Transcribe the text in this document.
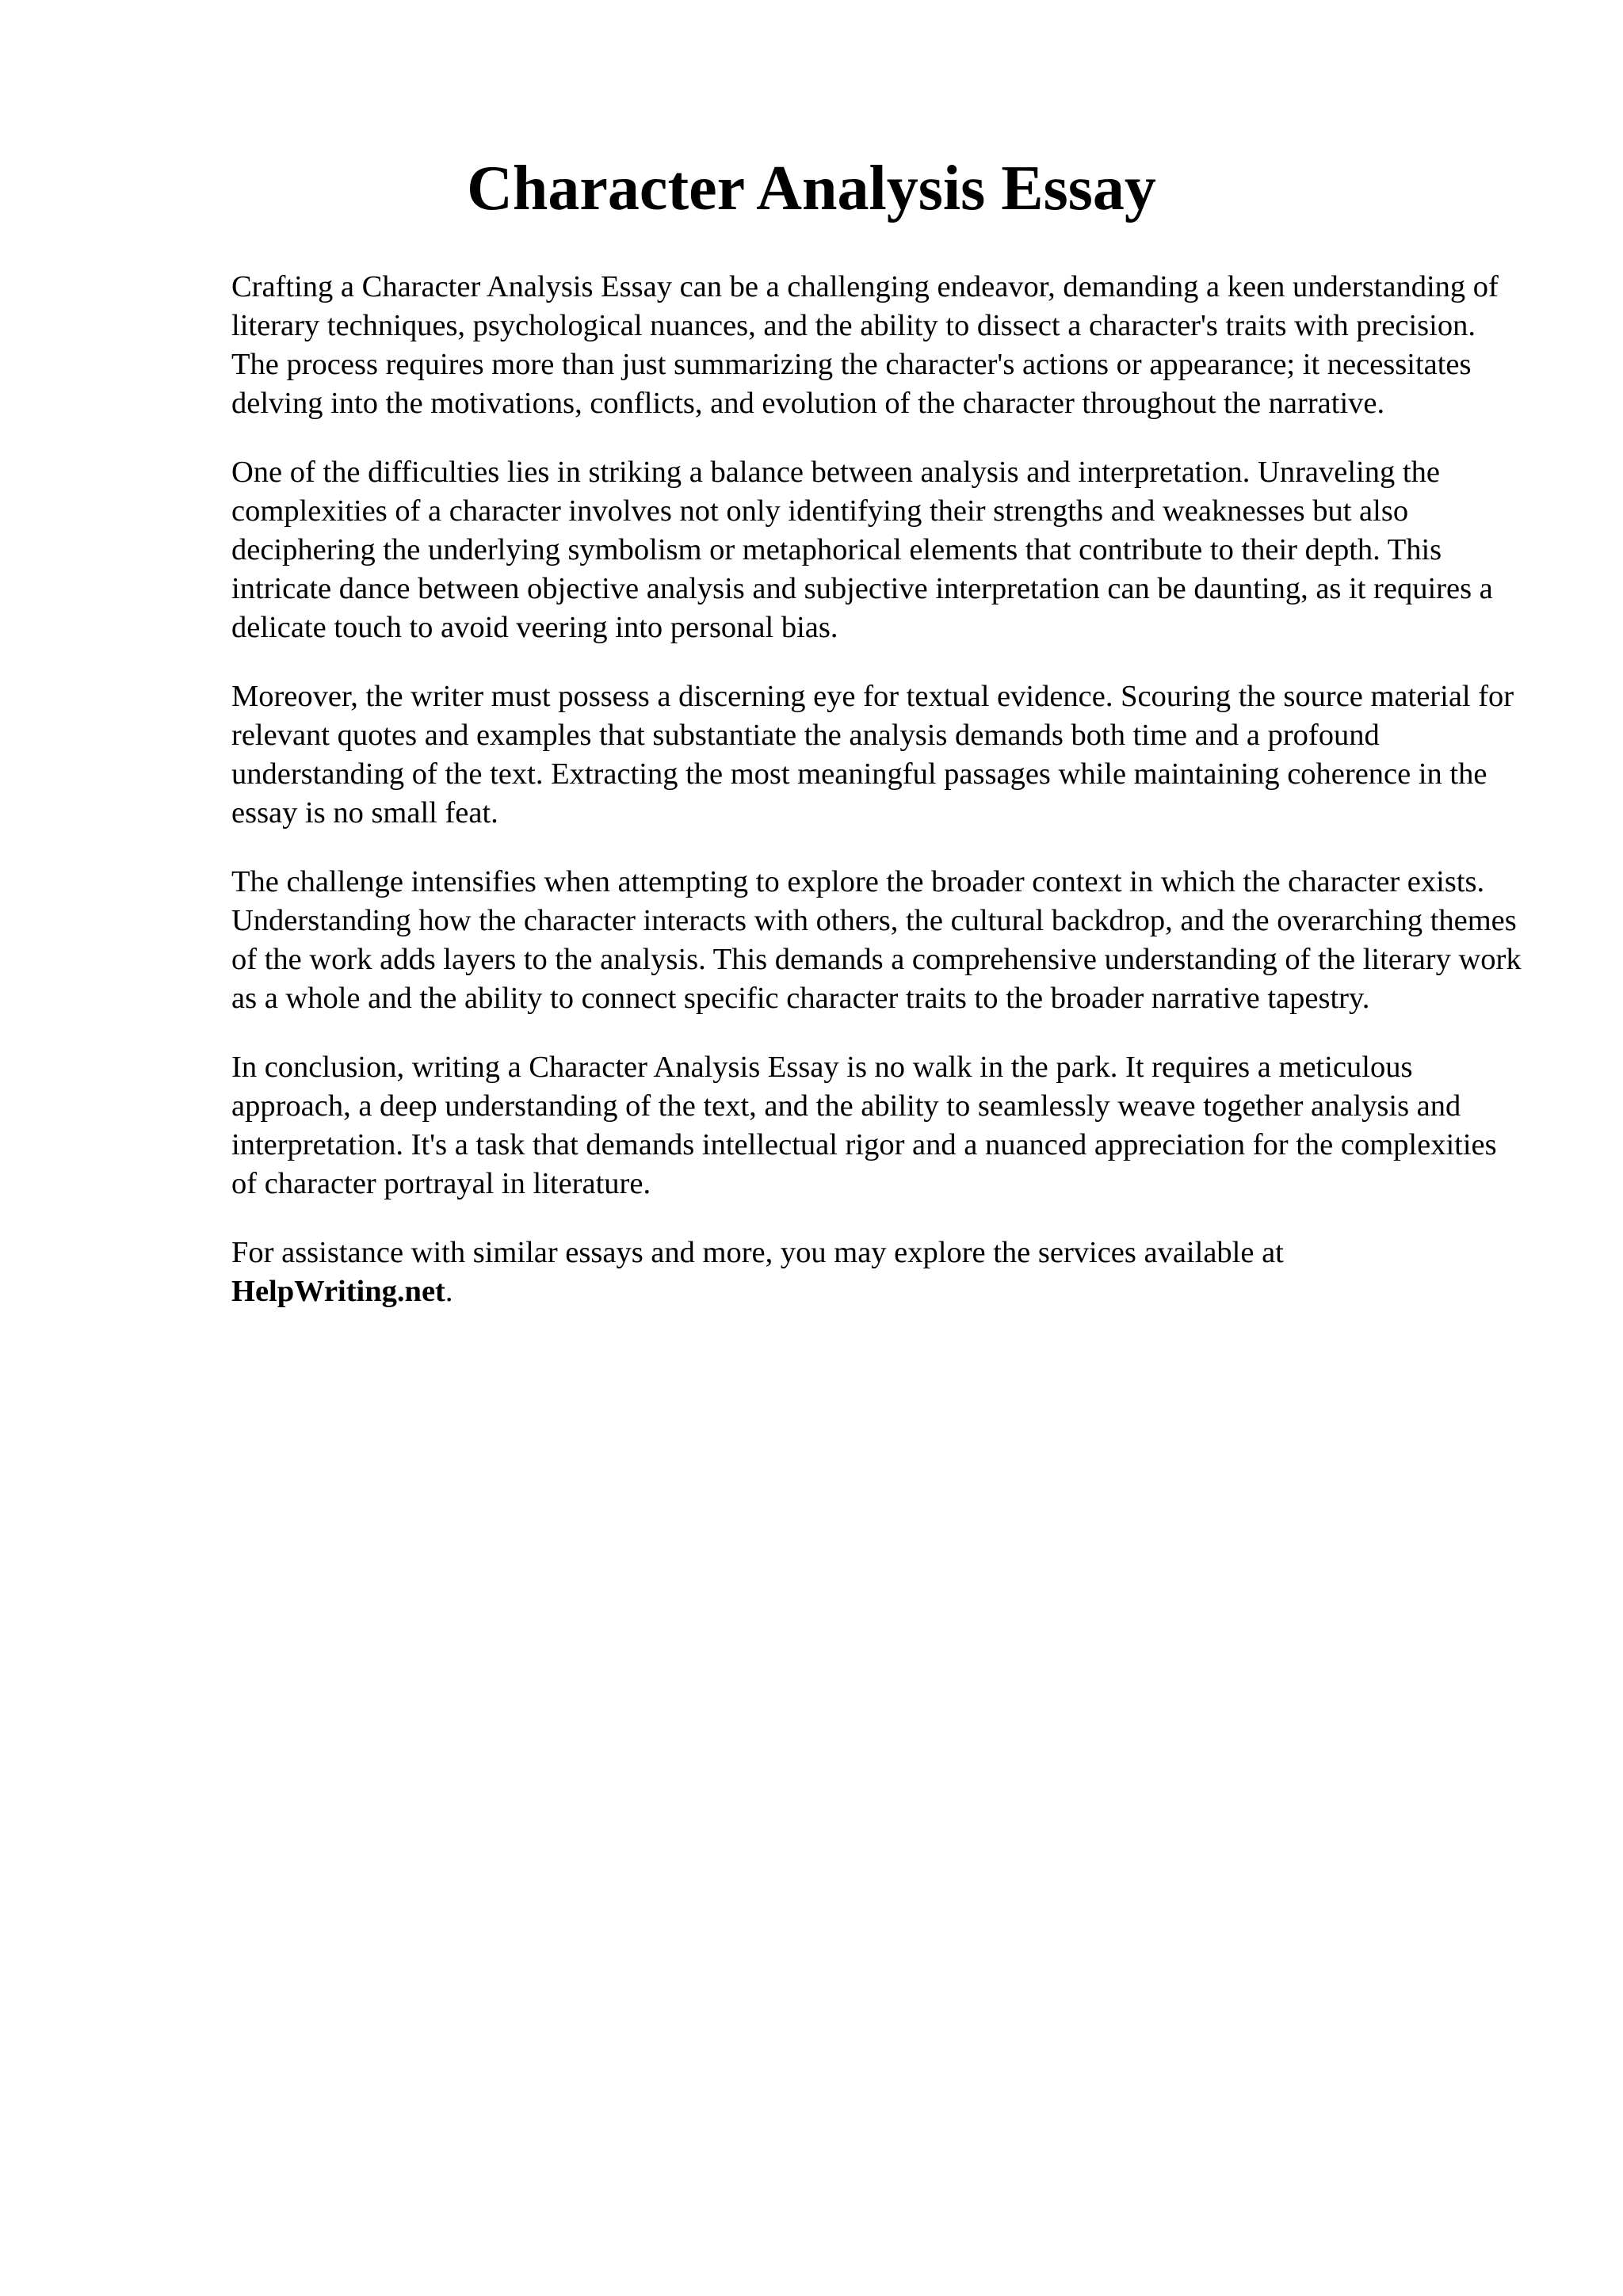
Character Analysis Essay

Crafting a Character Analysis Essay can be a challenging endeavor, demanding a keen understanding of literary techniques, psychological nuances, and the ability to dissect a character's traits with precision. The process requires more than just summarizing the character's actions or appearance; it necessitates delving into the motivations, conflicts, and evolution of the character throughout the narrative.

One of the difficulties lies in striking a balance between analysis and interpretation. Unraveling the complexities of a character involves not only identifying their strengths and weaknesses but also deciphering the underlying symbolism or metaphorical elements that contribute to their depth. This intricate dance between objective analysis and subjective interpretation can be daunting, as it requires a delicate touch to avoid veering into personal bias.

Moreover, the writer must possess a discerning eye for textual evidence. Scouring the source material for relevant quotes and examples that substantiate the analysis demands both time and a profound understanding of the text. Extracting the most meaningful passages while maintaining coherence in the essay is no small feat.

The challenge intensifies when attempting to explore the broader context in which the character exists. Understanding how the character interacts with others, the cultural backdrop, and the overarching themes of the work adds layers to the analysis. This demands a comprehensive understanding of the literary work as a whole and the ability to connect specific character traits to the broader narrative tapestry.

In conclusion, writing a Character Analysis Essay is no walk in the park. It requires a meticulous approach, a deep understanding of the text, and the ability to seamlessly weave together analysis and interpretation. It's a task that demands intellectual rigor and a nuanced appreciation for the complexities of character portrayal in literature.

For assistance with similar essays and more, you may explore the services available at
HelpWriting.net.
